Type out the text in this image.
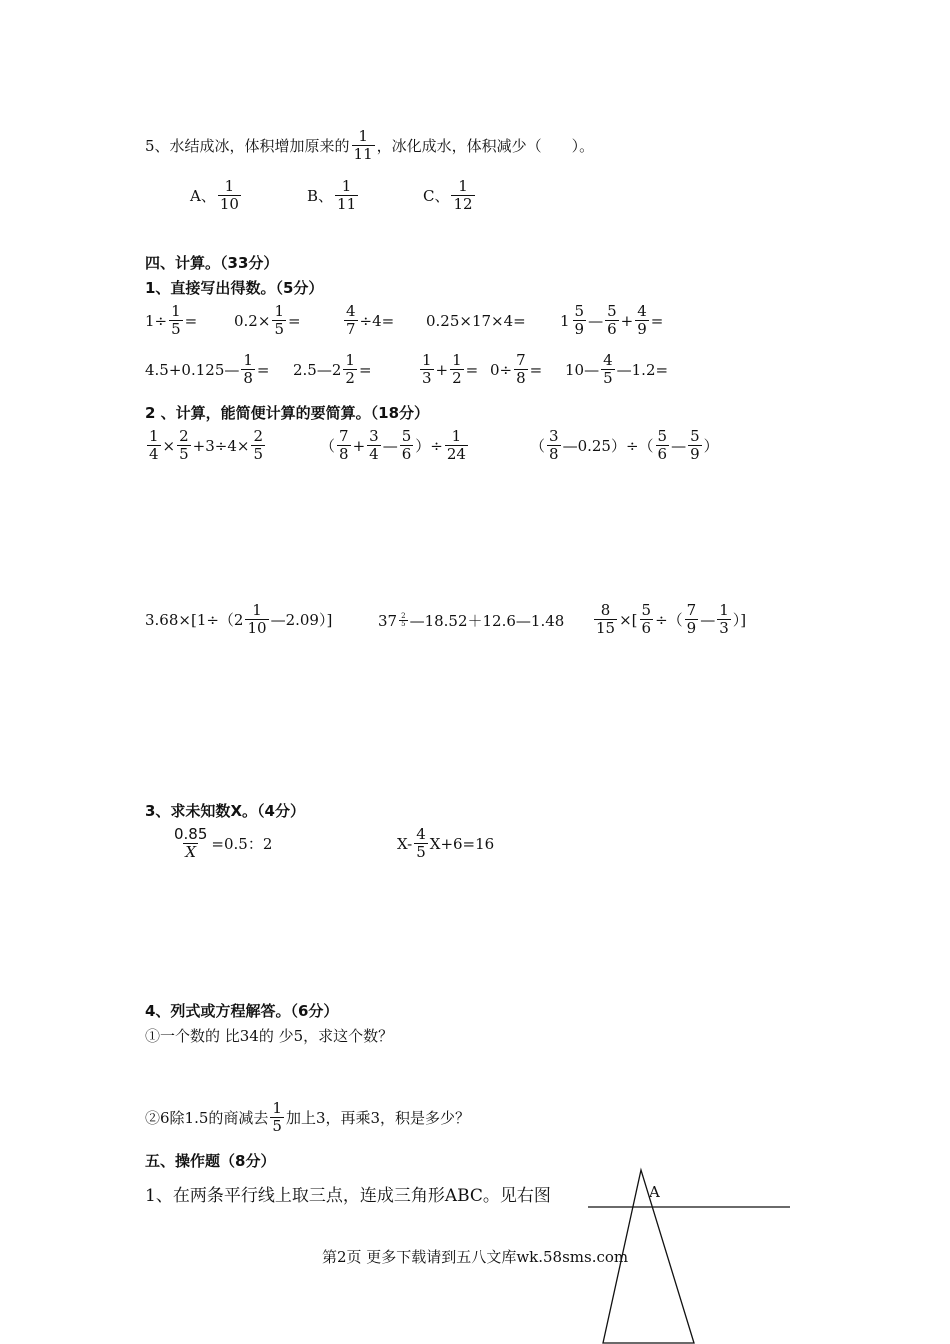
5、水结成冰，体积增加原来的 $\frac{1}{11}$ ，冰化成水，体积减少（　　）。
A、 $\frac{1}{10}$	B、 $\frac{1}{11}$	C、 $\frac{1}{12}$
四、计算。（33分）
1、直接写出得数。（5分）
$1\div \frac{1}{5} = 0.2\times \frac{1}{5}$ =	$\frac{4}{7} \div 4= 0.25\times 17\times 4= 1 \frac{5}{9}$ — $\frac{5}{6} + \frac{4}{9}$ =
4.5+0.125— $\frac{1}{8}$ = 2.5—2 $\frac{1}{2}$ =	$\frac{1}{3} + \frac{1}{2} = 0\div \frac{7}{8}$ = 10— $\frac{4}{5}$ —1.2=
2 、计算，能简便计算的要简算。（18分）
$\frac{1}{4} \times \frac{2}{5} +3\div 4\times \frac{2}{5}$	（ $\frac{7}{8} + \frac{3}{4}$ — $\frac{5}{6}$ ）÷ $\frac{1}{24}$	（ $\frac{3}{8}$ —0.25）÷（ $\frac{5}{6}$ — $\frac{5}{9}$ ）
$3.68\times[1\div(2 \frac{1}{10}$ —2.09）]	$37 \frac{2}{5}$ —18.52＋12.6—1.48 $\frac{8}{15}$ ×[ $\frac{5}{6}$ ÷（ $\frac{7}{9}$ — $\frac{1}{3}$ ）]
3、求未知数X。（4分）
$\frac{0.85}{X} =0.5$：2	$X- \frac{4}{5} X+6=16$
4、列式或方程解答。（6分）
①一个数的 比34的 少5，求这个数？
②6除1.5的商减去 $\frac{1}{5}$ 加上3，再乘3，积是多少？
五、操作题（8分）
1、在两条平行线上取三点，连成三角形ABC。见右图
第2页 更多下载请到五八文库wk.58sms.com
A
